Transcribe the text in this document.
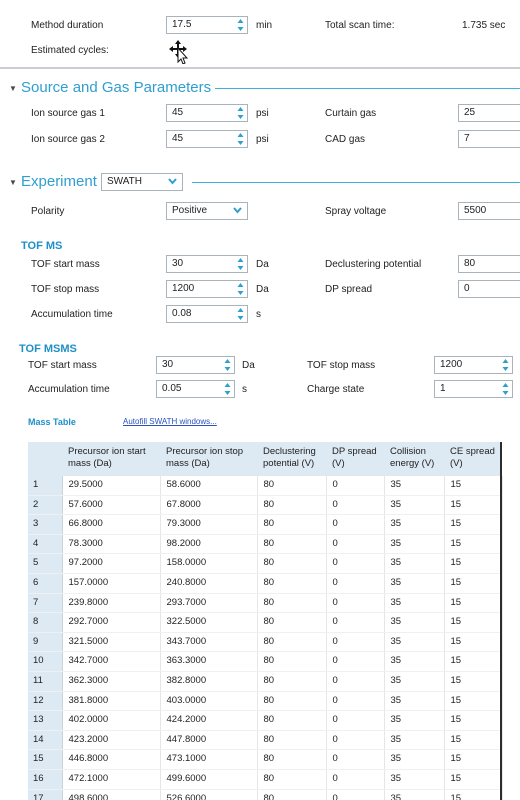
Method duration	17.5	min	Total scan time:	1.735 sec
Estimated cycles:
▼ Source and Gas Parameters
Ion source gas 1	45	psi	Curtain gas	25
Ion source gas 2	45	psi	CAD gas	7
▼ Experiment	SWATH
Polarity	Positive	Spray voltage	5500
TOF MS
TOF start mass	30	Da	Declustering potential	80
TOF stop mass	1200	Da	DP spread	0
Accumulation time	0.08	s
TOF MSMS
TOF start mass	30	Da	TOF stop mass	1200
Accumulation time	0.05	s	Charge state	1
Mass Table	Autofill SWATH windows...
	Precursor ion start mass (Da)	Precursor ion stop mass (Da)	Declustering potential (V)	DP spread (V)	Collision energy (V)	CE spread (V)
1	29.5000	58.6000	80	0	35	15
2	57.6000	67.8000	80	0	35	15
3	66.8000	79.3000	80	0	35	15
4	78.3000	98.2000	80	0	35	15
5	97.2000	158.0000	80	0	35	15
6	157.0000	240.8000	80	0	35	15
7	239.8000	293.7000	80	0	35	15
8	292.7000	322.5000	80	0	35	15
9	321.5000	343.7000	80	0	35	15
10	342.7000	363.3000	80	0	35	15
11	362.3000	382.8000	80	0	35	15
12	381.8000	403.0000	80	0	35	15
13	402.0000	424.2000	80	0	35	15
14	423.2000	447.8000	80	0	35	15
15	446.8000	473.1000	80	0	35	15
16	472.1000	499.6000	80	0	35	15
17	498.6000	526.6000	80	0	35	15
